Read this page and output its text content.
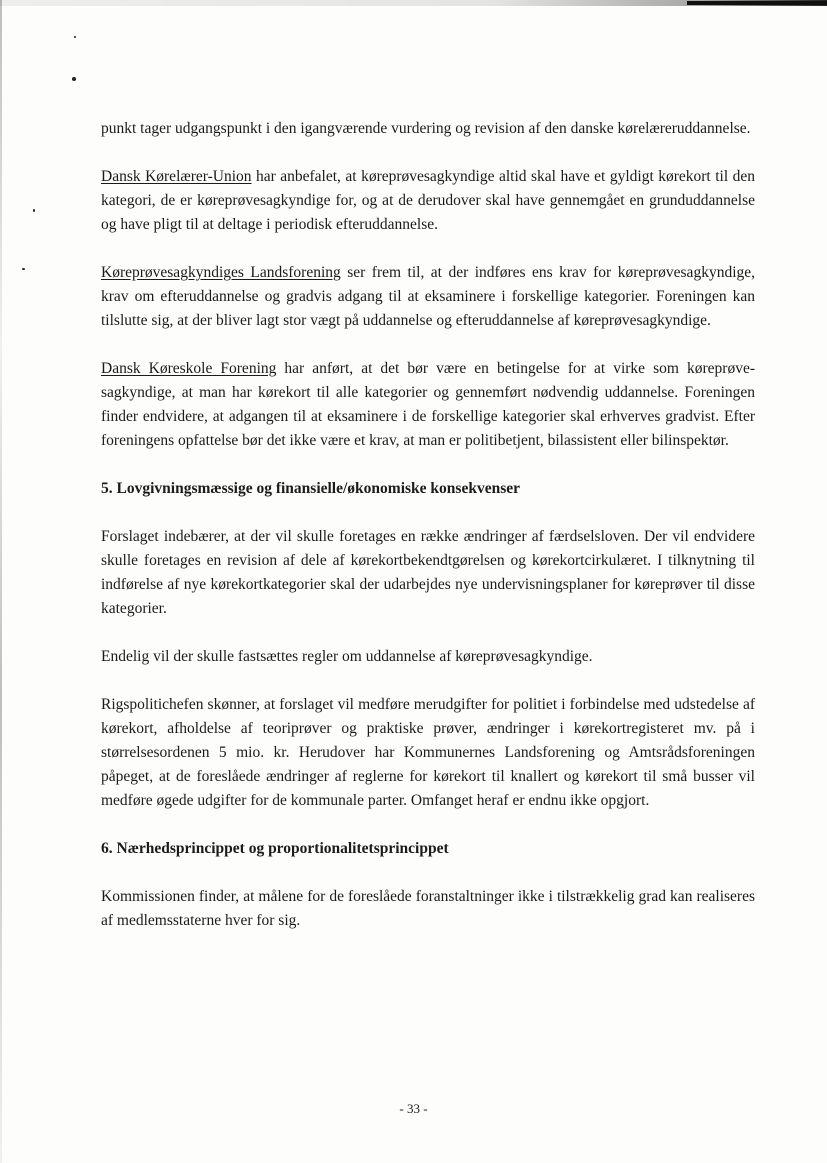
punkt tager udgangspunkt i den igangværende vurdering og revision af den danske kørelæreruddannelse.

Dansk Kørelærer-Union har anbefalet, at køreprøvesagkyndige altid skal have et gyldigt kørekort til den kategori, de er køreprøvesagkyndige for, og at de derudover skal have gennemgået en grunduddannelse og have pligt til at deltage i periodisk efteruddannelse.

Køreprøvesagkyndiges Landsforening ser frem til, at der indføres ens krav for køreprøvesagkyndige, krav om efteruddannelse og gradvis adgang til at eksaminere i forskellige kategorier. Foreningen kan tilslutte sig, at der bliver lagt stor vægt på uddannelse og efteruddannelse af køreprøvesagkyndige.

Dansk Køreskole Forening har anført, at det bør være en betingelse for at virke som køreprøvesagkyndige, at man har kørekort til alle kategorier og gennemført nødvendig uddannelse. Foreningen finder endvidere, at adgangen til at eksaminere i de forskellige kategorier skal erhverves gradvist. Efter foreningens opfattelse bør det ikke være et krav, at man er politibetjent, bilassistent eller bilinspektør.

5. Lovgivningsmæssige og finansielle/økonomiske konsekvenser

Forslaget indebærer, at der vil skulle foretages en række ændringer af færdselsloven. Der vil endvidere skulle foretages en revision af dele af kørekortbekendtgørelsen og kørekortcirkulæret. I tilknytning til indførelse af nye kørekortkategorier skal der udarbejdes nye undervisningsplaner for køreprøver til disse kategorier.

Endelig vil der skulle fastsættes regler om uddannelse af køreprøvesagkyndige.

Rigspolitichefen skønner, at forslaget vil medføre merudgifter for politiet i forbindelse med udstedelse af kørekort, afholdelse af teoriprøver og praktiske prøver, ændringer i kørekortregisteret mv. på i størrelsesordenen 5 mio. kr. Herudover har Kommunernes Landsforening og Amtsrådsforeningen påpeget, at de foreslåede ændringer af reglerne for kørekort til knallert og kørekort til små busser vil medføre øgede udgifter for de kommunale parter. Omfanget heraf er endnu ikke opgjort.

6. Nærhedsprincippet og proportionalitetsprincippet

Kommissionen finder, at målene for de foreslåede foranstaltninger ikke i tilstrækkelig grad kan realiseres af medlemsstaterne hver for sig.

- 33 -
